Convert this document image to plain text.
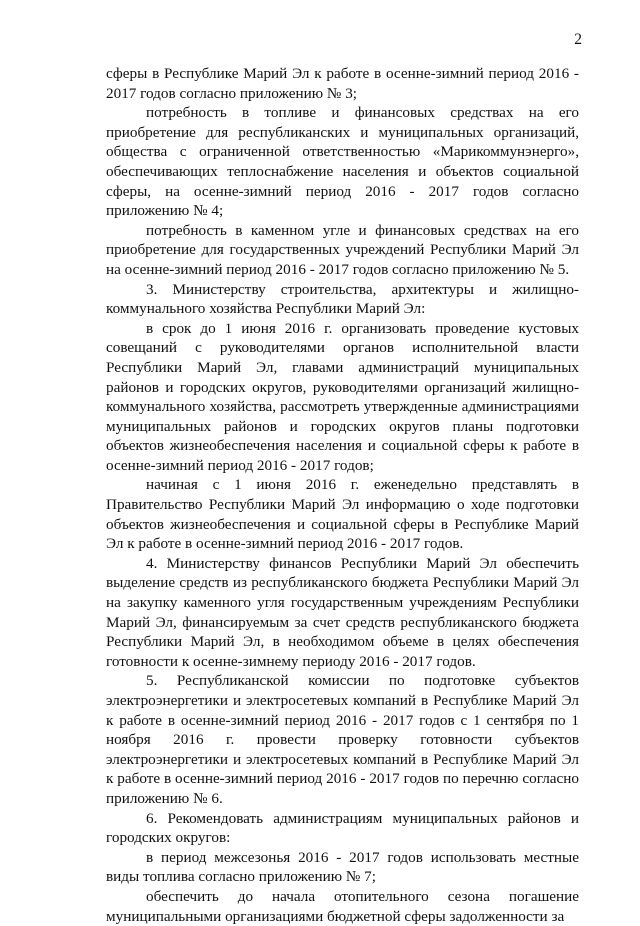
2

сферы в Республике Марий Эл к работе в осенне-зимний период 2016 - 2017 годов согласно приложению № 3;

потребность в топливе и финансовых средствах на его приобретение для республиканских и муниципальных организаций, общества с ограниченной ответственностью «Марикоммунэнерго», обеспечивающих теплоснабжение населения и объектов социальной сферы, на осенне-зимний период 2016 - 2017 годов согласно приложению № 4;

потребность в каменном угле и финансовых средствах на его приобретение для государственных учреждений Республики Марий Эл на осенне-зимний период 2016 - 2017 годов согласно приложению № 5.

3. Министерству строительства, архитектуры и жилищно-коммунального хозяйства Республики Марий Эл:

в срок до 1 июня 2016 г. организовать проведение кустовых совещаний с руководителями органов исполнительной власти Республики Марий Эл, главами администраций муниципальных районов и городских округов, руководителями организаций жилищно-коммунального хозяйства, рассмотреть утвержденные администрациями муниципальных районов и городских округов планы подготовки объектов жизнеобеспечения населения и социальной сферы к работе в осенне-зимний период 2016 - 2017 годов;

начиная с 1 июня 2016 г. еженедельно представлять в Правительство Республики Марий Эл информацию о ходе подготовки объектов жизнеобеспечения и социальной сферы в Республике Марий Эл к работе в осенне-зимний период 2016 - 2017 годов.

4. Министерству финансов Республики Марий Эл обеспечить выделение средств из республиканского бюджета Республики Марий Эл на закупку каменного угля государственным учреждениям Республики Марий Эл, финансируемым за счет средств республиканского бюджета Республики Марий Эл, в необходимом объеме в целях обеспечения готовности к осенне-зимнему периоду 2016 - 2017 годов.

5. Республиканской комиссии по подготовке субъектов электроэнергетики и электросетевых компаний в Республике Марий Эл к работе в осенне-зимний период 2016 - 2017 годов с 1 сентября по 1 ноября 2016 г. провести проверку готовности субъектов электроэнергетики и электросетевых компаний в Республике Марий Эл к работе в осенне-зимний период 2016 - 2017 годов по перечню согласно приложению № 6.

6. Рекомендовать администрациям муниципальных районов и городских округов:

в период межсезонья 2016 - 2017 годов использовать местные виды топлива согласно приложению № 7;

обеспечить до начала отопительного сезона погашение муниципальными организациями бюджетной сферы задолженности за
